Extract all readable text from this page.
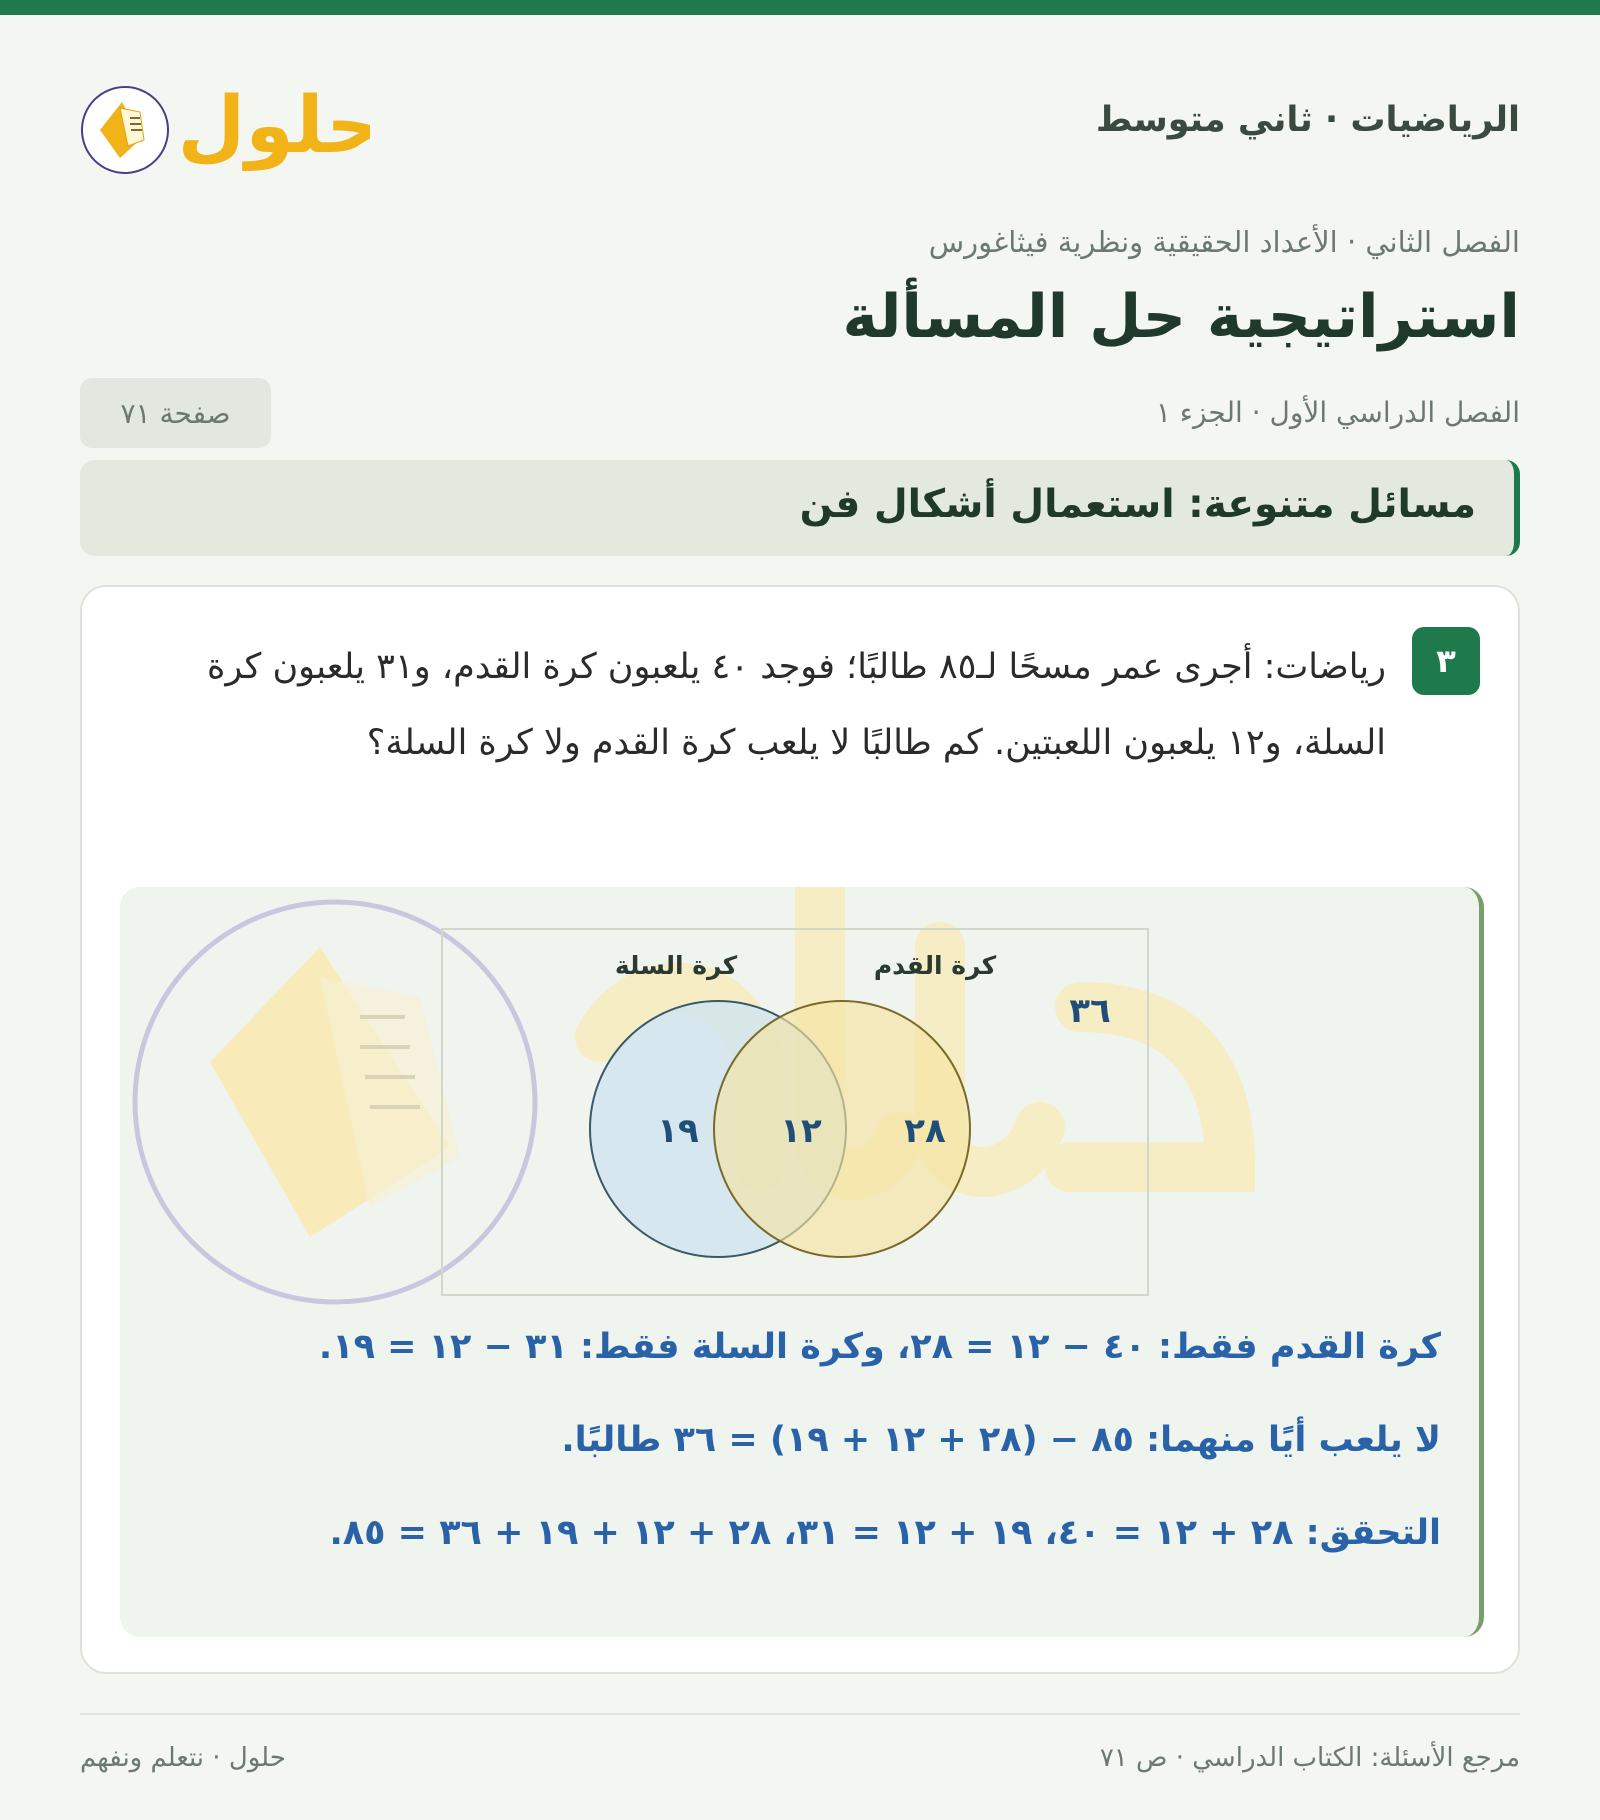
الرياضيات · ثاني متوسط
حلول
الفصل الثاني · الأعداد الحقيقية ونظرية فيثاغورس
استراتيجية حل المسألة
الفصل الدراسي الأول · الجزء ١
صفحة ٧١
مسائل متنوعة: استعمال أشكال فن
٣
رياضات: أجرى عمر مسحًا لـ٨٥ طالبًا؛ فوجد ٤٠ يلعبون كرة القدم، و٣١ يلعبون كرة السلة، و١٢ يلعبون اللعبتين. كم طالبًا لا يلعب كرة القدم ولا كرة السلة؟
كرة السلة	كرة القدم
١٩ ١٢ ٢٨
٣٦
كرة القدم فقط: ٤٠ − ١٢ = ٢٨، وكرة السلة فقط: ٣١ − ١٢ = ١٩.
لا يلعب أيًا منهما: ٨٥ − (٢٨ + ١٢ + ١٩) = ٣٦ طالبًا.
التحقق: ٢٨ + ١٢ = ٤٠، ١٩ + ١٢ = ٣١، ٢٨ + ١٢ + ١٩ + ٣٦ = ٨٥.
مرجع الأسئلة: الكتاب الدراسي · ص ٧١
حلول · نتعلم ونفهم
